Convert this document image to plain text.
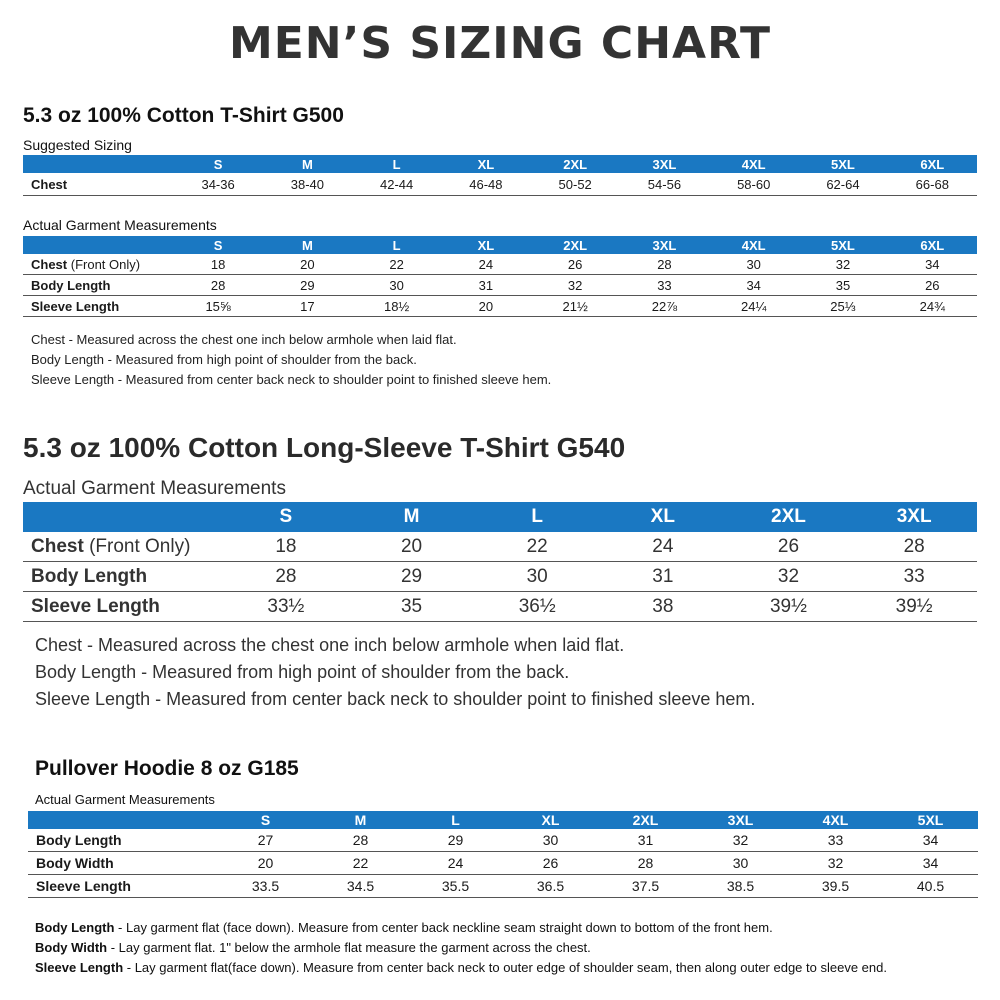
MEN’S SIZING CHART
5.3 oz 100% Cotton T-Shirt G500
Suggested Sizing
	S	M	L	XL	2XL	3XL	4XL	5XL	6XL
Chest	34-36	38-40	42-44	46-48	50-52	54-56	58-60	62-64	66-68
Actual Garment Measurements
	S	M	L	XL	2XL	3XL	4XL	5XL	6XL
Chest (Front Only)	18	20	22	24	26	28	30	32	34
Body Length	28	29	30	31	32	33	34	35	26
Sleeve Length	15⅝	17	18½	20	21½	22⅞	24¼	25⅓	24¾
Chest - Measured across the chest one inch below armhole when laid flat.
Body Length - Measured from high point of shoulder from the back.
Sleeve Length - Measured from center back neck to shoulder point to finished sleeve hem.
5.3 oz 100% Cotton Long-Sleeve T-Shirt G540
Actual Garment Measurements
	S	M	L	XL	2XL	3XL
Chest (Front Only)	18	20	22	24	26	28
Body Length	28	29	30	31	32	33
Sleeve Length	33½	35	36½	38	39½	39½
Chest - Measured across the chest one inch below armhole when laid flat.
Body Length - Measured from high point of shoulder from the back.
Sleeve Length - Measured from center back neck to shoulder point to finished sleeve hem.
Pullover Hoodie 8 oz G185
Actual Garment Measurements
	S	M	L	XL	2XL	3XL	4XL	5XL
Body Length	27	28	29	30	31	32	33	34
Body Width	20	22	24	26	28	30	32	34
Sleeve Length	33.5	34.5	35.5	36.5	37.5	38.5	39.5	40.5
Body Length - Lay garment flat (face down). Measure from center back neckline seam straight down to bottom of the front hem.
Body Width - Lay garment flat. 1" below the armhole flat measure the garment across the chest.
Sleeve Length - Lay garment flat(face down). Measure from center back neck to outer edge of shoulder seam, then along outer edge to sleeve end.
